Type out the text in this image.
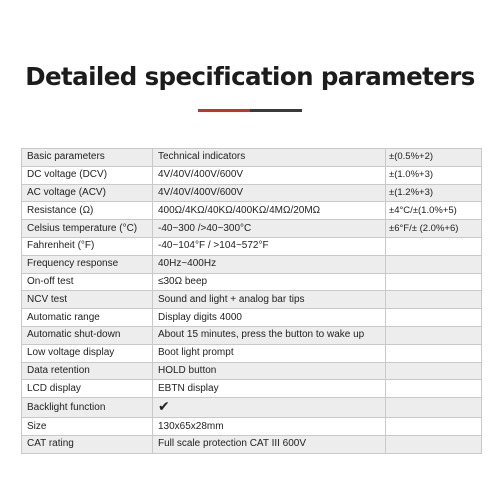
Detailed specification parameters
Basic parameters	Technical indicators	±(0.5%+2)
DC voltage (DCV)	4V/40V/400V/600V	±(1.0%+3)
AC voltage (ACV)	4V/40V/400V/600V	±(1.2%+3)
Resistance (Ω)	400Ω/4KΩ/40KΩ/400KΩ/4MΩ/20MΩ	±4°C/±(1.0%+5)
Celsius temperature (°C)	-40~300 />40~300°C	±6°F/± (2.0%+6)
Fahrenheit (°F)	-40~104°F / >104~572°F	
Frequency response	40Hz~400Hz	
On-off test	≤30Ω beep	
NCV test	Sound and light + analog bar tips	
Automatic range	Display digits 4000	
Automatic shut-down	About 15 minutes, press the button to wake up	
Low voltage display	Boot light prompt	
Data retention	HOLD button	
LCD display	EBTN display	
Backlight function	✔	
Size	130x65x28mm	
CAT rating	Full scale protection CAT III 600V	
